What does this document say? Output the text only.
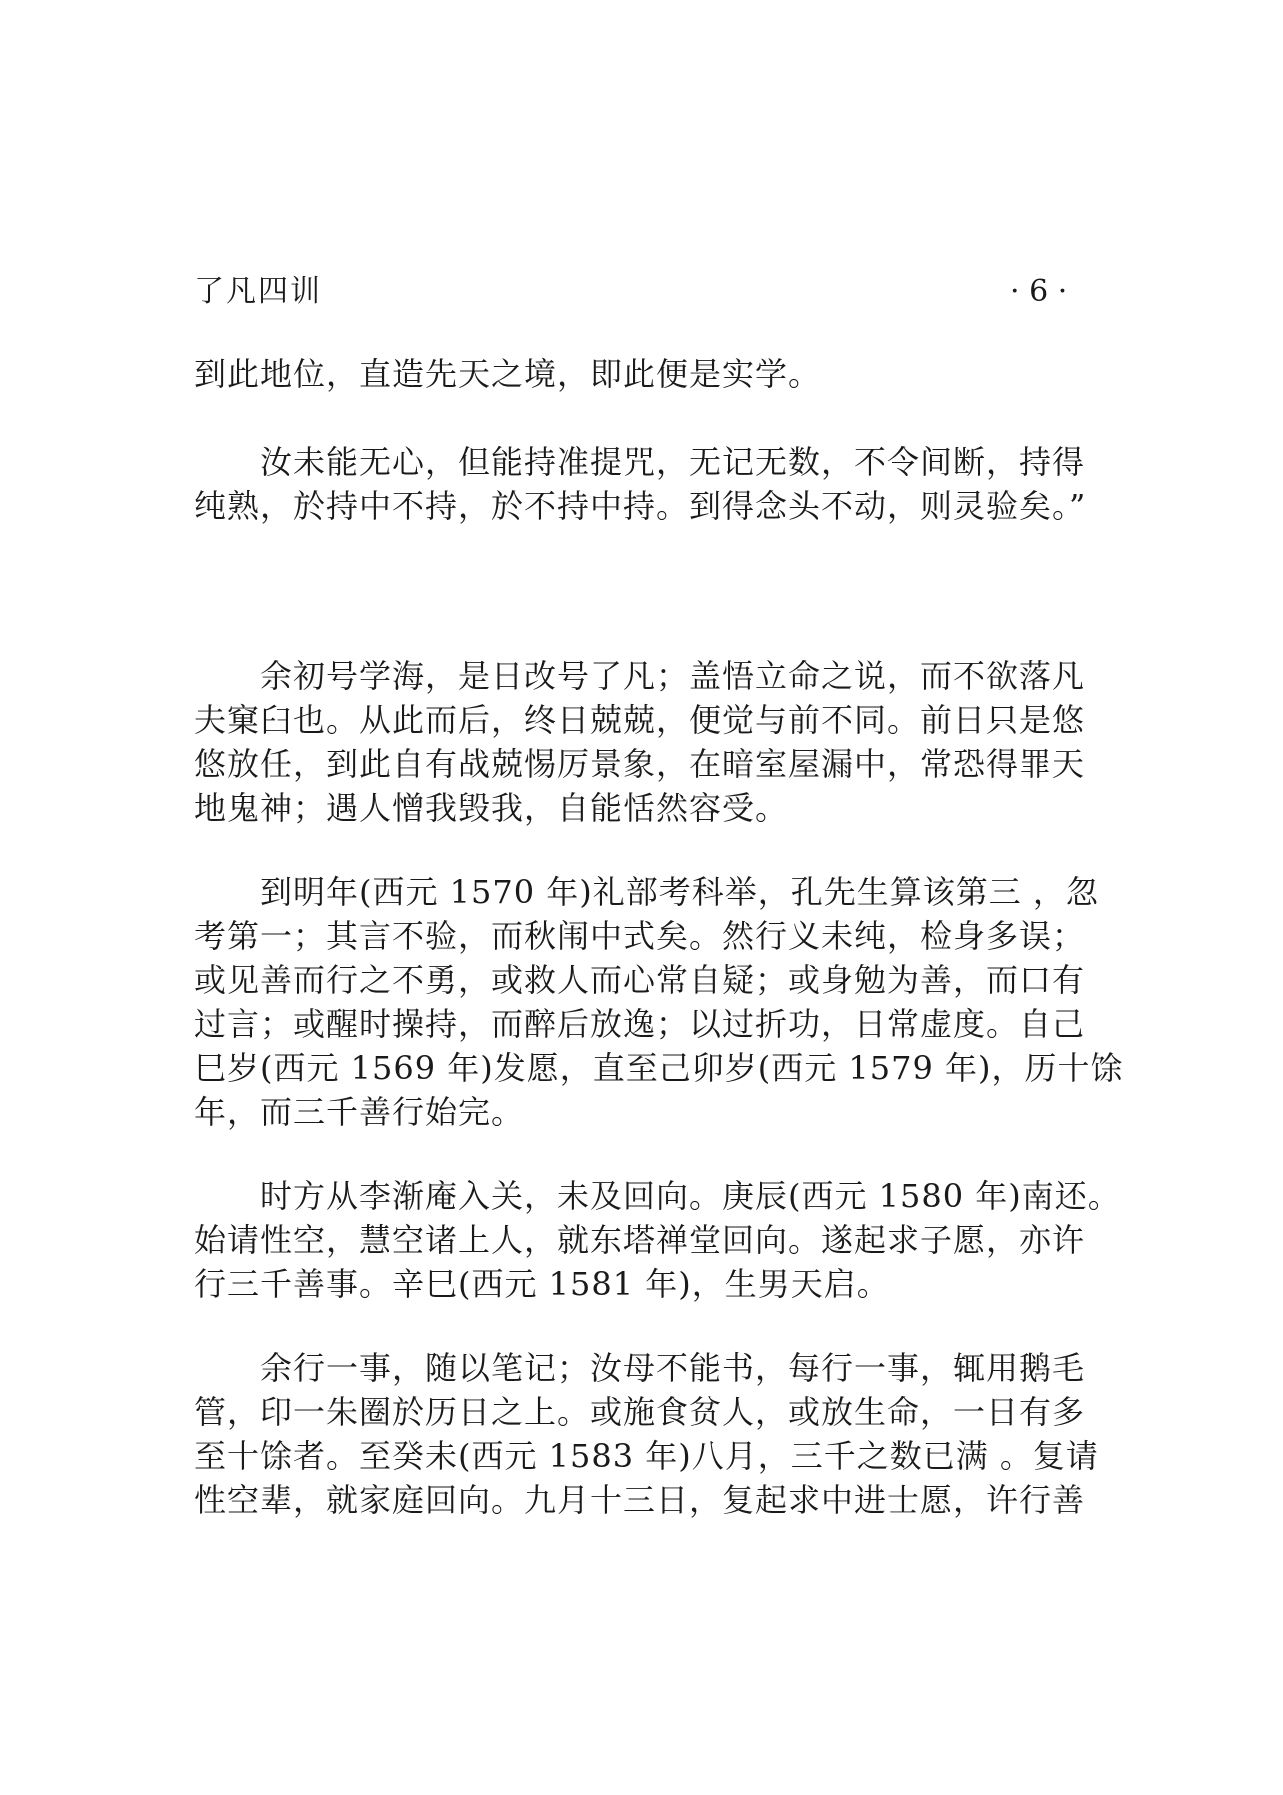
了凡四训	· 6 ·
到此地位，直造先天之境，即此便是实学。
　　汝未能无心，但能持准提咒，无记无数，不令间断，持得
纯熟，於持中不持，於不持中持。到得念头不动，则灵验矣。”
　　余初号学海，是日改号了凡；盖悟立命之说，而不欲落凡
夫窠臼也。从此而后，终日兢兢，便觉与前不同。前日只是悠
悠放任，到此自有战兢惕厉景象，在暗室屋漏中，常恐得罪天
地鬼神；遇人憎我毁我，自能恬然容受。
　　到明年(西元 1570 年)礼部考科举，孔先生算该第三 ，忽
考第一；其言不验，而秋闱中式矣。然行义未纯，检身多误；
或见善而行之不勇，或救人而心常自疑；或身勉为善，而口有
过言；或醒时操持，而醉后放逸；以过折功，日常虚度。自己
巳岁(西元 1569 年)发愿，直至己卯岁(西元 1579 年)，历十馀
年，而三千善行始完。
　　时方从李渐庵入关，未及回向。庚辰(西元 1580 年)南还。
始请性空，慧空诸上人，就东塔禅堂回向。遂起求子愿，亦许
行三千善事。辛巳(西元 1581 年)，生男天启。
　　余行一事，随以笔记；汝母不能书，每行一事，辄用鹅毛
管，印一朱圈於历日之上。或施食贫人，或放生命，一日有多
至十馀者。至癸未(西元 1583 年)八月，三千之数已满 。复请
性空辈，就家庭回向。九月十三日，复起求中进士愿，许行善
